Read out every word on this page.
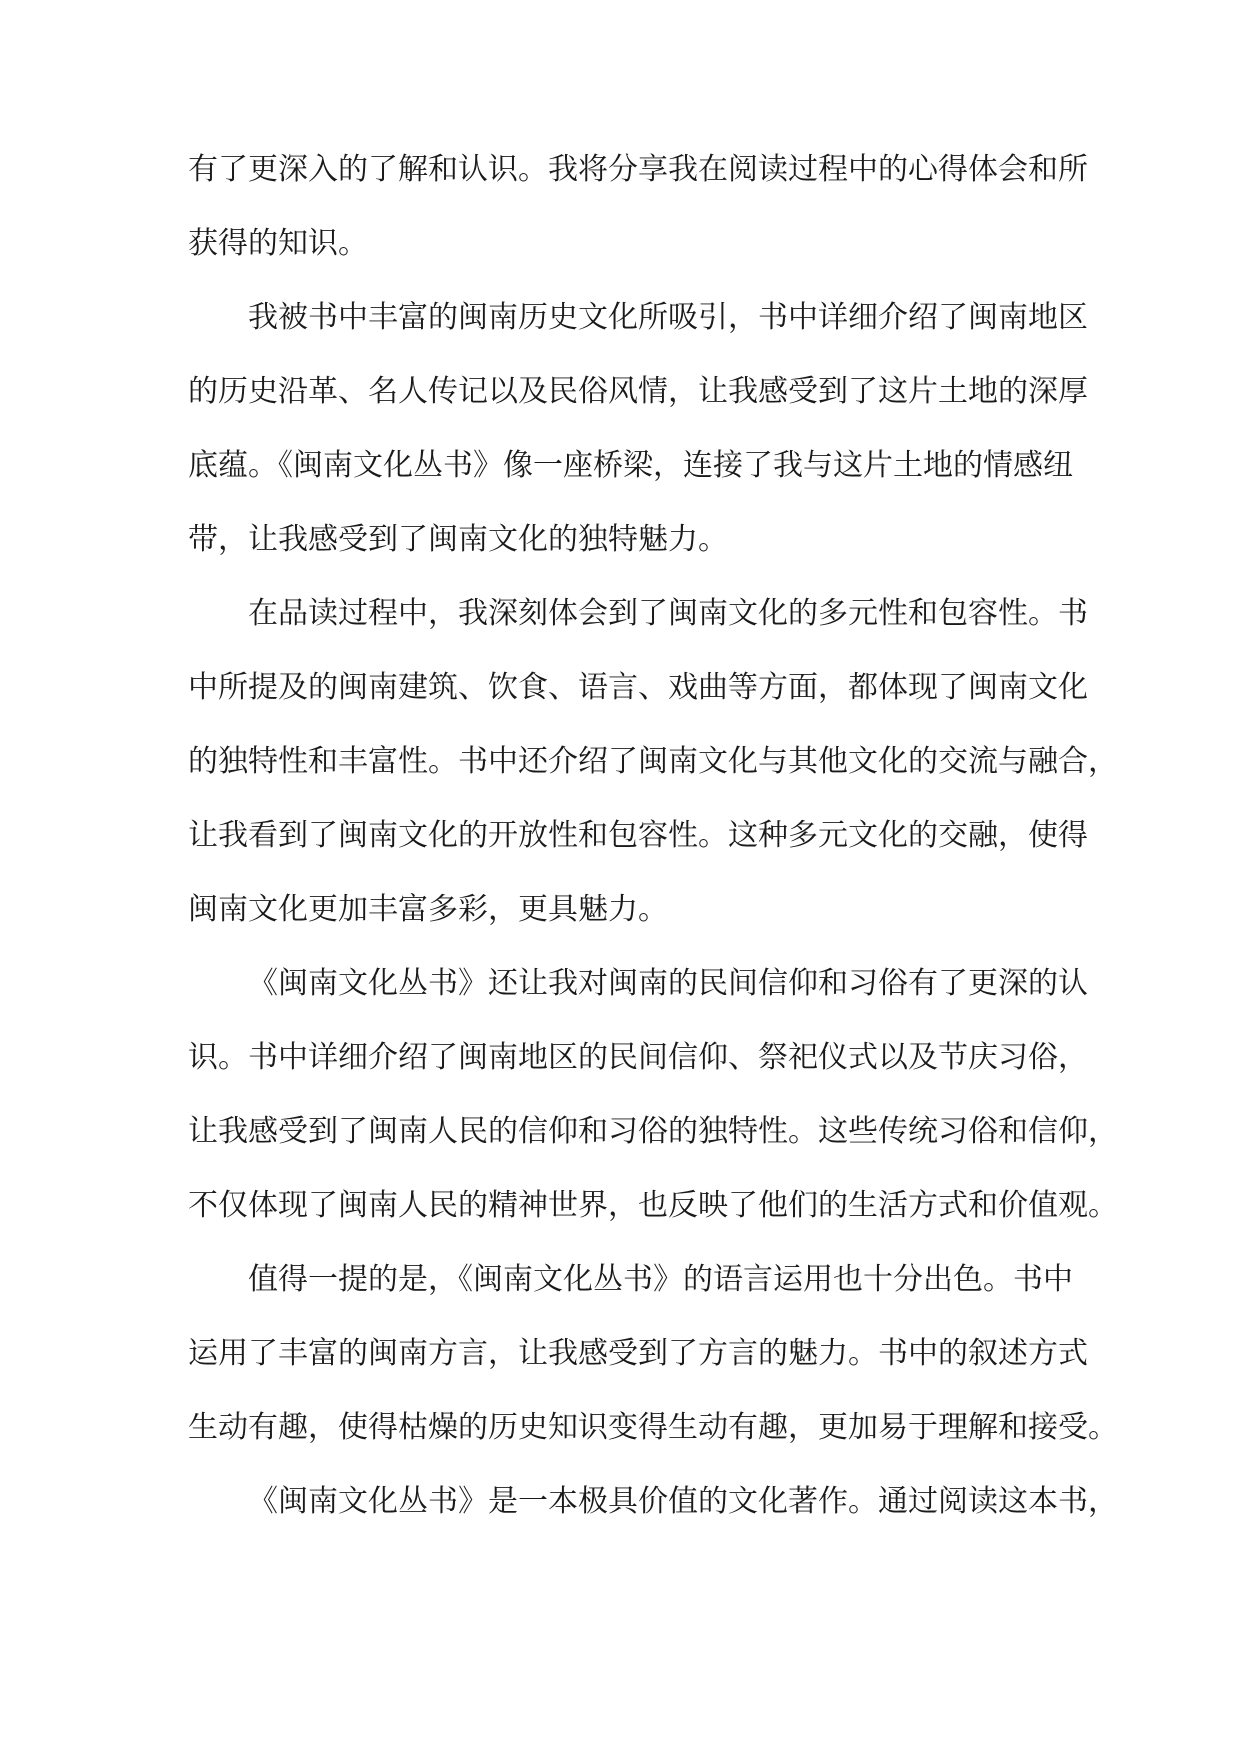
有了更深入的了解和认识。我将分享我在阅读过程中的心得体会和所
获得的知识。
我被书中丰富的闽南历史文化所吸引，书中详细介绍了闽南地区
的历史沿革、名人传记以及民俗风情，让我感受到了这片土地的深厚
底蕴。《闽南文化丛书》像一座桥梁，连接了我与这片土地的情感纽
带，让我感受到了闽南文化的独特魅力。
在品读过程中，我深刻体会到了闽南文化的多元性和包容性。书
中所提及的闽南建筑、饮食、语言、戏曲等方面，都体现了闽南文化
的独特性和丰富性。书中还介绍了闽南文化与其他文化的交流与融合，
让我看到了闽南文化的开放性和包容性。这种多元文化的交融，使得
闽南文化更加丰富多彩，更具魅力。
《闽南文化丛书》还让我对闽南的民间信仰和习俗有了更深的认
识。书中详细介绍了闽南地区的民间信仰、祭祀仪式以及节庆习俗，
让我感受到了闽南人民的信仰和习俗的独特性。这些传统习俗和信仰，
不仅体现了闽南人民的精神世界，也反映了他们的生活方式和价值观。
值得一提的是，《闽南文化丛书》的语言运用也十分出色。书中
运用了丰富的闽南方言，让我感受到了方言的魅力。书中的叙述方式
生动有趣，使得枯燥的历史知识变得生动有趣，更加易于理解和接受。
《闽南文化丛书》是一本极具价值的文化著作。通过阅读这本书，
